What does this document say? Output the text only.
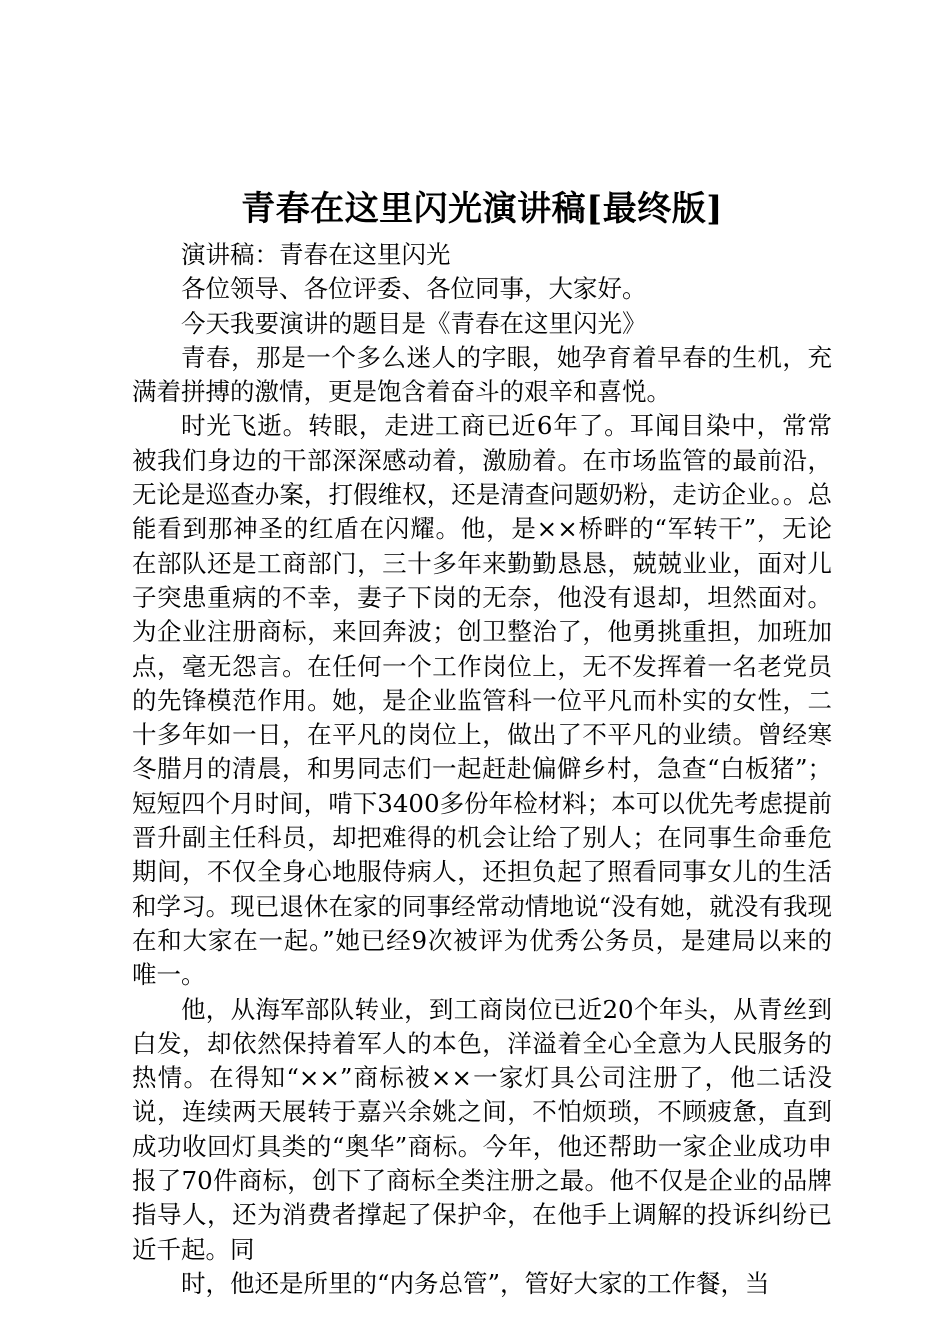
青春在这里闪光演讲稿[最终版]

演讲稿：青春在这里闪光

各位领导、各位评委、各位同事，大家好。

今天我要演讲的题目是《青春在这里闪光》

青春，那是一个多么迷人的字眼，她孕育着早春的生机，充满着拼搏的激情，更是饱含着奋斗的艰辛和喜悦。

时光飞逝。转眼，走进工商已近6年了。耳闻目染中，常常被我们身边的干部深深感动着，激励着。在市场监管的最前沿，无论是巡查办案，打假维权，还是清查问题奶粉，走访企业。。总能看到那神圣的红盾在闪耀。他，是××桥畔的“军转干”，无论在部队还是工商部门，三十多年来勤勤恳恳，兢兢业业，面对儿子突患重病的不幸，妻子下岗的无奈，他没有退却，坦然面对。为企业注册商标，来回奔波；创卫整治了，他勇挑重担，加班加点，毫无怨言。在任何一个工作岗位上，无不发挥着一名老党员的先锋模范作用。她，是企业监管科一位平凡而朴实的女性，二十多年如一日，在平凡的岗位上，做出了不平凡的业绩。曾经寒冬腊月的清晨，和男同志们一起赶赴偏僻乡村，急查“白板猪”；短短四个月时间，啃下3400多份年检材料；本可以优先考虑提前晋升副主任科员，却把难得的机会让给了别人；在同事生命垂危期间，不仅全身心地服侍病人，还担负起了照看同事女儿的生活和学习。现已退休在家的同事经常动情地说“没有她，就没有我现在和大家在一起。”她已经9次被评为优秀公务员，是建局以来的唯一。

他，从海军部队转业，到工商岗位已近20个年头，从青丝到白发，却依然保持着军人的本色，洋溢着全心全意为人民服务的热情。在得知“××”商标被××一家灯具公司注册了，他二话没说，连续两天展转于嘉兴余姚之间，不怕烦琐，不顾疲惫，直到成功收回灯具类的“奥华”商标。今年，他还帮助一家企业成功申报了70件商标，创下了商标全类注册之最。他不仅是企业的品牌指导人，还为消费者撑起了保护伞，在他手上调解的投诉纠纷已近千起。同

时，他还是所里的“内务总管”，管好大家的工作餐，当
